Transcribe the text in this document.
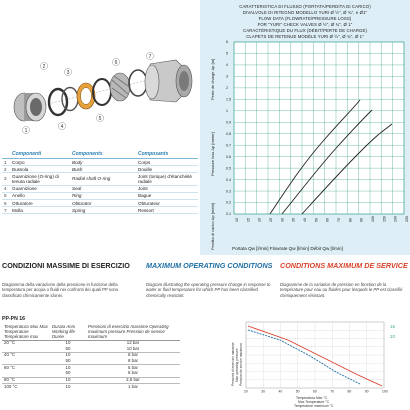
1
2
3
4
5
6
7
	Componenti	Components	Composants
1	Corpo	Body	Corps
2	Bussola	Bush	Douille
3	Guarnizione (O-ring) di tenuta radiale	Radial shaft O-ring	Joint (torique) d'étanchéité radiale
4	Guarnizione	Seal	Joint
5	Anello	Ring	Bague
6	Otturatore	Obturator	Obturateur
7	Molla	Spring	Ressort
CARATTERISTICA DI FLUSSO (PORTATA/PERDITA DI CARICO)
DIVALVOLE DI RITEGNO MODELLO YURI Ø ½", Ø ¾", e Ø1"
FLOW DATA (FLOWRATE/PRESSURE LOSS)
FOR "YURI" CHECK VALVES Ø ½", Ø ¾", Ø 1"
CARACTÉRISTIQUE DU FLUX (DÉBIT/PERTE DE CHARGE)
CLAPETS DE RETENUE MODÈLE YURI Ø ½", Ø ¾", Ø 1"
10 15 20 25 30 35 40 50 60 70 80 90 100 150 200 250
0.1
0.2
0.3
0.4
0.5
0.6
0.7
0.8
0.9
1
1.5
2
3
4
5
6
Pressure loss Δp [meter]
Perdita di carico Δp [metri]
Perte de charge Δp [m]
Portata Qw [l/min] Flowrate Qw [l/min] Débit Qw [l/min]
CONDIZIONI MASSIME DI ESERCIZIO
Diagramma della variazione della pressione in funzione della temperatura per acqua o fluidi nei confronti dei quali PP sono classificati chimicamente idonei.
MAXIMUM OPERATING CONDITIONS
Diagram illustrating the operating pressure change in response to water or fluid temperature for which PP has been classified chemically resistant.
CONDITIONS MAXIMUM DE SERVICE
Diagramme de la variation de pression en fonction de la température pour eau ou fluides pour lesquels le PP est classifié chimiquement résistant.
PP-PN 16
Temperatura Max Max Temperature Température max	Durata Anni Working life Durée	Pressioni di esercizio massime Operating maximum pressure Pression de service maximum
20 °C	10	12 bar
	50	10 bar
40 °C	10	8 bar
	50	8 bar
60 °C	10	5 bar
	50	5 bar
80 °C	10	2,5 bar
100 °C	10	1 bar
20	30	40	50	60	70	80	90	100
Pressioni di esercizio massime Max operating pressure Pression de service maximum
Temperatura Max °C
Max Temperature °C
Température maximum °C
16
10
